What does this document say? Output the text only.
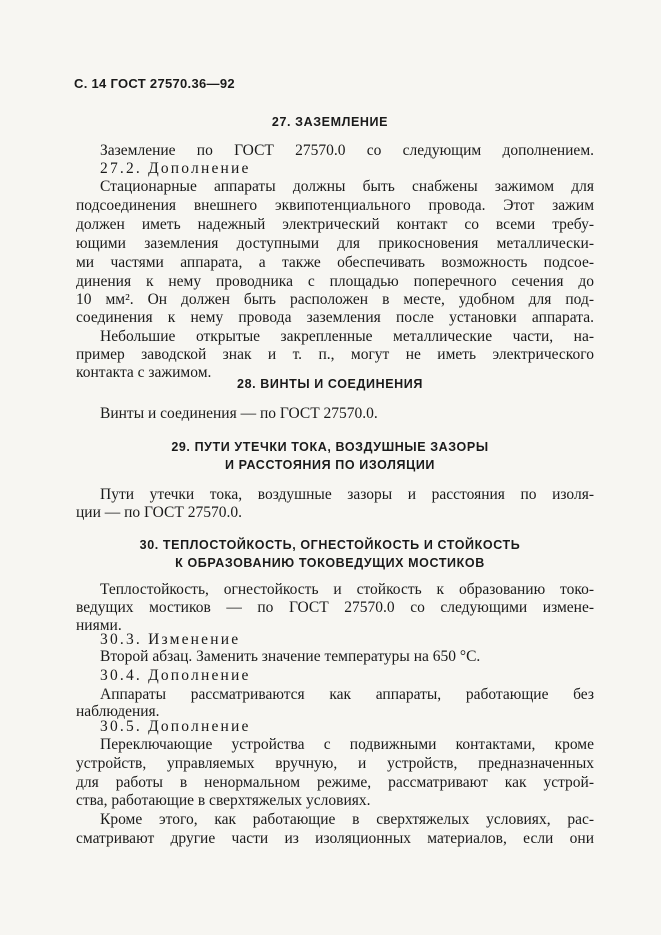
С. 14 ГОСТ 27570.36—92
27. ЗАЗЕМЛЕНИЕ
Заземление по ГОСТ 27570.0 со следующим дополнением.
27.2. Дополнение
Стационарные аппараты должны быть снабжены зажимом для
подсоединения внешнего эквипотенциального провода. Этот зажим
должен иметь надежный электрический контакт со всеми требу-
ющими заземления доступными для прикосновения металлически-
ми частями аппарата, а также обеспечивать возможность подсое-
динения к нему проводника с площадью поперечного сечения до
10 мм². Он должен быть расположен в месте, удобном для под-
соединения к нему провода заземления после установки аппарата.
Небольшие открытые закрепленные металлические части, на-
пример заводской знак и т. п., могут не иметь электрического
контакта с зажимом.
28. ВИНТЫ И СОЕДИНЕНИЯ
Винты и соединения — по ГОСТ 27570.0.
29. ПУТИ УТЕЧКИ ТОКА, ВОЗДУШНЫЕ ЗАЗОРЫ
И РАССТОЯНИЯ ПО ИЗОЛЯЦИИ
Пути утечки тока, воздушные зазоры и расстояния по изоля-
ции — по ГОСТ 27570.0.
30. ТЕПЛОСТОЙКОСТЬ, ОГНЕСТОЙКОСТЬ И СТОЙКОСТЬ
К ОБРАЗОВАНИЮ ТОКОВЕДУЩИХ МОСТИКОВ
Теплостойкость, огнестойкость и стойкость к образованию токо-
ведущих мостиков — по ГОСТ 27570.0 со следующими измене-
ниями.
30.3. Изменение
Второй абзац. Заменить значение температуры на 650 °С.
30.4. Дополнение
Аппараты рассматриваются как аппараты, работающие без
наблюдения.
30.5. Дополнение
Переключающие устройства с подвижными контактами, кроме
устройств, управляемых вручную, и устройств, предназначенных
для работы в ненормальном режиме, рассматривают как устрой-
ства, работающие в сверхтяжелых условиях.
Кроме этого, как работающие в сверхтяжелых условиях, рас-
сматривают другие части из изоляционных материалов, если они
